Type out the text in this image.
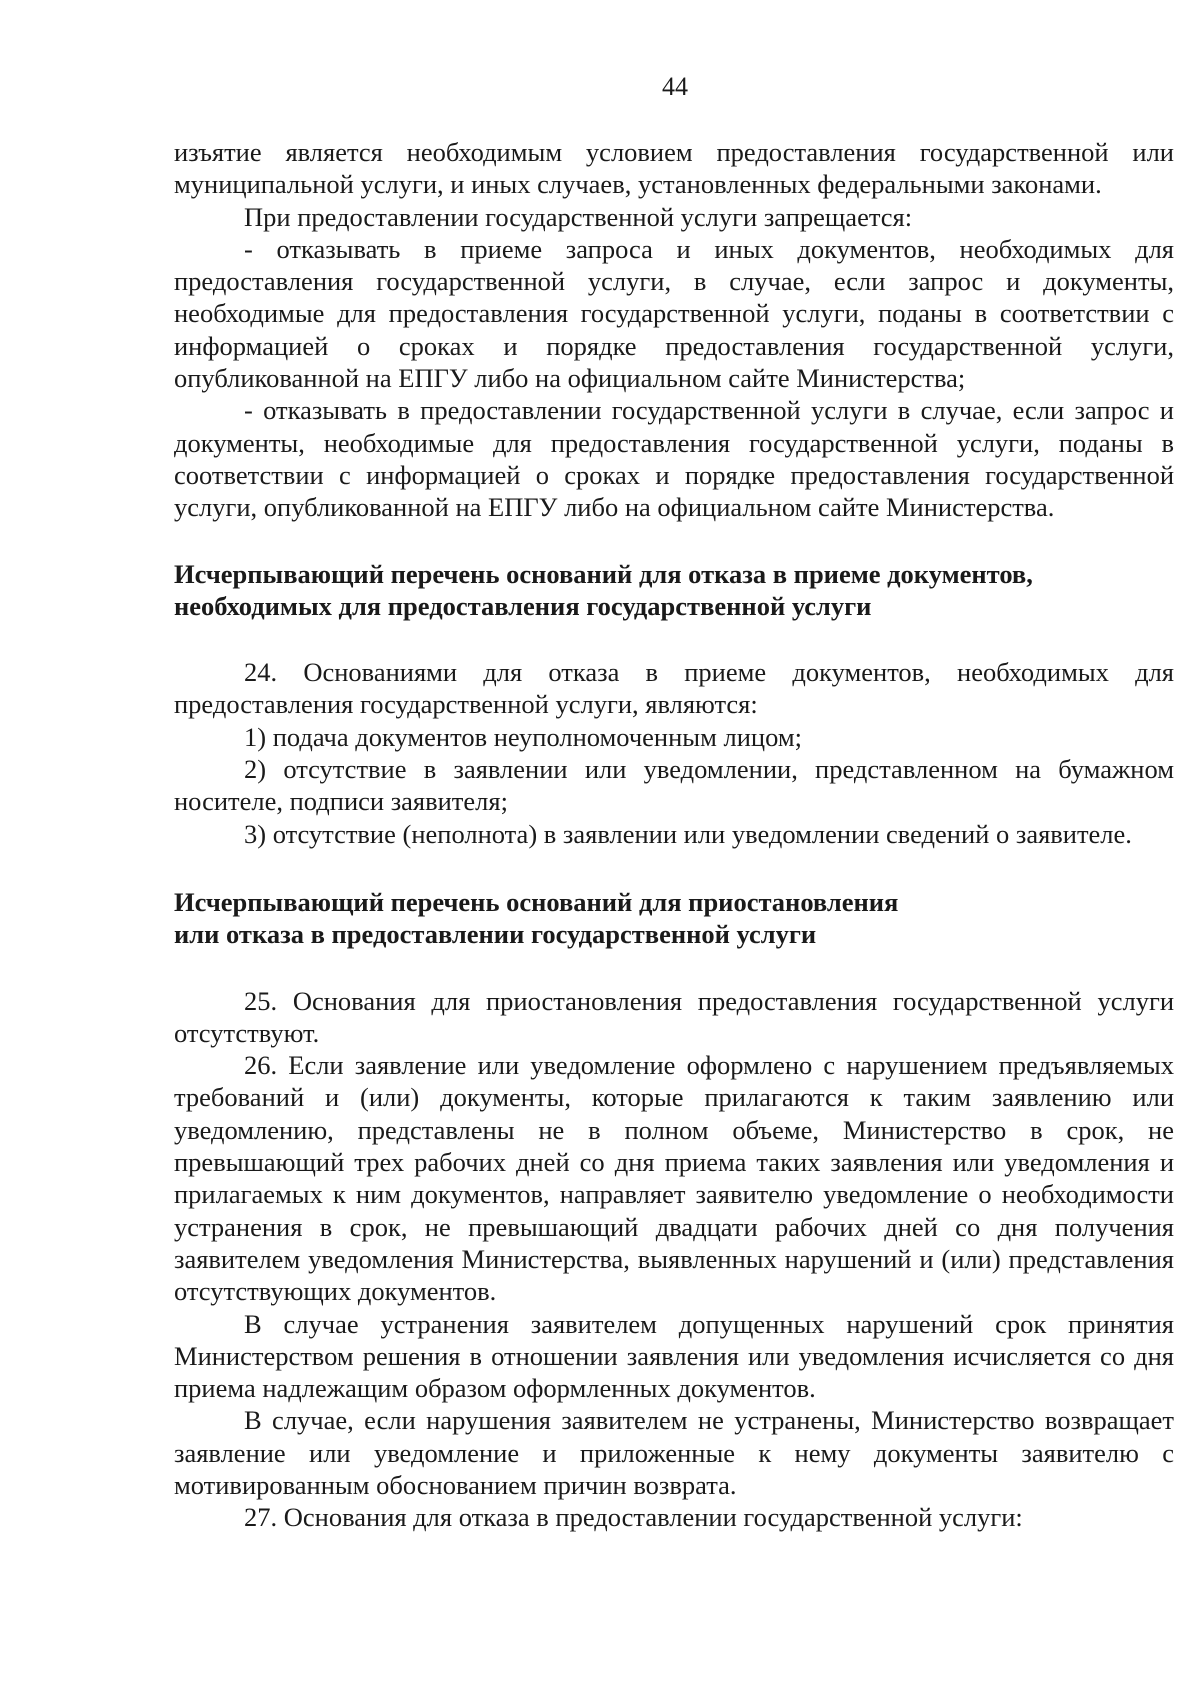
44

изъятие является необходимым условием предоставления государственной или муниципальной услуги, и иных случаев, установленных федеральными законами.

При предоставлении государственной услуги запрещается:

- отказывать в приеме запроса и иных документов, необходимых для предоставления государственной услуги, в случае, если запрос и документы, необходимые для предоставления государственной услуги, поданы в соответствии с информацией о сроках и порядке предоставления государственной услуги, опубликованной на ЕПГУ либо на официальном сайте Министерства;

- отказывать в предоставлении государственной услуги в случае, если запрос и документы, необходимые для предоставления государственной услуги, поданы в соответствии с информацией о сроках и порядке предоставления государственной услуги, опубликованной на ЕПГУ либо на официальном сайте Министерства.

Исчерпывающий перечень оснований для отказа в приеме документов,

необходимых для предоставления государственной услуги

24. Основаниями для отказа в приеме документов, необходимых для предоставления государственной услуги, являются:

1) подача документов неуполномоченным лицом;

2) отсутствие в заявлении или уведомлении, представленном на бумажном носителе, подписи заявителя;

3) отсутствие (неполнота) в заявлении или уведомлении сведений о заявителе.

Исчерпывающий перечень оснований для приостановления

или отказа в предоставлении государственной услуги

25. Основания для приостановления предоставления государственной услуги отсутствуют.

26. Если заявление или уведомление оформлено с нарушением предъявляемых требований и (или) документы, которые прилагаются к таким заявлению или уведомлению, представлены не в полном объеме, Министерство в срок, не превышающий трех рабочих дней со дня приема таких заявления или уведомления и прилагаемых к ним документов, направляет заявителю уведомление о необходимости устранения в срок, не превышающий двадцати рабочих дней со дня получения заявителем уведомления Министерства, выявленных нарушений и (или) представления отсутствующих документов.

В случае устранения заявителем допущенных нарушений срок принятия Министерством решения в отношении заявления или уведомления исчисляется со дня приема надлежащим образом оформленных документов.

В случае, если нарушения заявителем не устранены, Министерство возвращает заявление или уведомление и приложенные к нему документы заявителю с мотивированным обоснованием причин возврата.

27. Основания для отказа в предоставлении государственной услуги:
